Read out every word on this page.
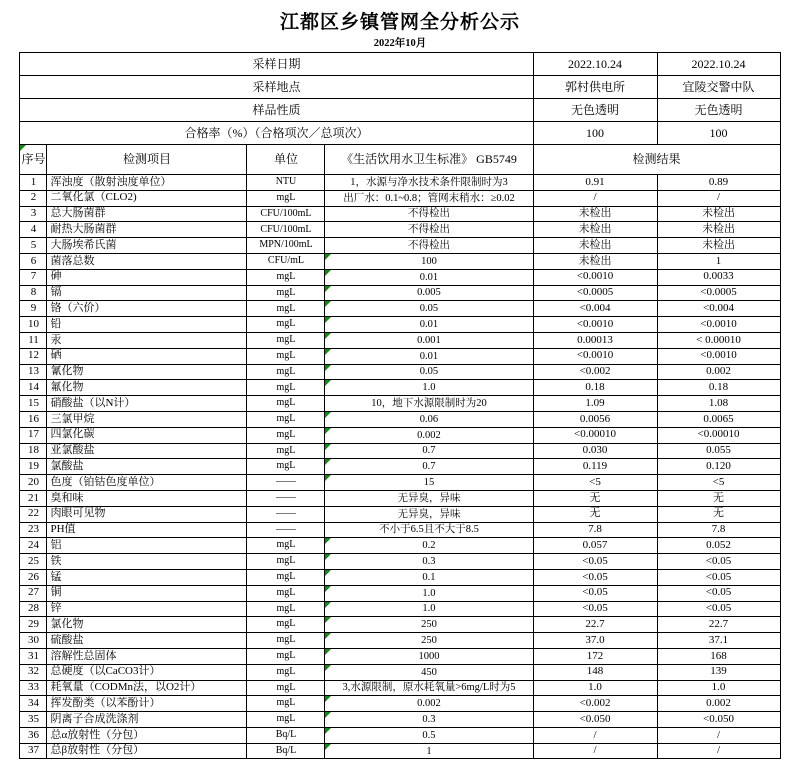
江都区乡镇管网全分析公示
2022年10月
采样日期				2022.10.24	2022.10.24
采样地点				郭村供电所	宜陵交警中队
样品性质				无色透明	无色透明
合格率（%）（合格项次／总项次）				100	100
序号	检测项目	单位	《生活饮用水卫生标准》 GB5749	检测结果	
1	浑浊度（散射浊度单位）	NTU	1，水源与净水技术条件限制时为3	0.91	0.89
2	二氧化氯（CLO2)	mgL	出厂水：0.1~0.8；管网末稍水：≥0.02	/	/
3	总大肠菌群	CFU/100mL	不得检出	未检出	未检出
4	耐热大肠菌群	CFU/100mL	不得检出	未检出	未检出
5	大肠埃希氏菌	MPN/100mL	不得检出	未检出	未检出
6	菌落总数	CFU/mL	100	未检出	1
7	砷	mgL	0.01	<0.0010	0.0033
8	镉	mgL	0.005	<0.0005	<0.0005
9	铬（六价）	mgL	0.05	<0.004	<0.004
10	铅	mgL	0.01	<0.0010	<0.0010
11	汞	mgL	0.001	0.00013	< 0.00010
12	硒	mgL	0.01	<0.0010	<0.0010
13	氰化物	mgL	0.05	<0.002	0.002
14	氟化物	mgL	1.0	0.18	0.18
15	硝酸盐（以N计）	mgL	10，地下水源限制时为20	1.09	1.08
16	三氯甲烷	mgL	0.06	0.0056	0.0065
17	四氯化碳	mgL	0.002	<0.00010	<0.00010
18	亚氯酸盐	mgL	0.7	0.030	0.055
19	氯酸盐	mgL	0.7	0.119	0.120
20	色度（铂钴色度单位）	——	15	<5	<5
21	臭和味	——	无异臭，异味	无	无
22	肉眼可见物	——	无异臭，异味	无	无
23	PH值	——	不小于6.5且不大于8.5	7.8	7.8
24	铝	mgL	0.2	0.057	0.052
25	铁	mgL	0.3	<0.05	<0.05
26	锰	mgL	0.1	<0.05	<0.05
27	铜	mgL	1.0	<0.05	<0.05
28	锌	mgL	1.0	<0.05	<0.05
29	氯化物	mgL	250	22.7	22.7
30	硫酸盐	mgL	250	37.0	37.1
31	溶解性总固体	mgL	1000	172	168
32	总硬度（以CaCO3计）	mgL	450	148	139
33	耗氧量（CODMn法，以O2计）	mgL	3,水源限制，原水耗氧量>6mg/L时为5	1.0	1.0
34	挥发酚类（以苯酚计）	mgL	0.002	<0.002	0.002
35	阴离子合成洗涤剂	mgL	0.3	<0.050	<0.050
36	总α放射性（分包）	Bq/L	0.5	/	/
37	总β放射性（分包）	Bq/L	1	/	/
